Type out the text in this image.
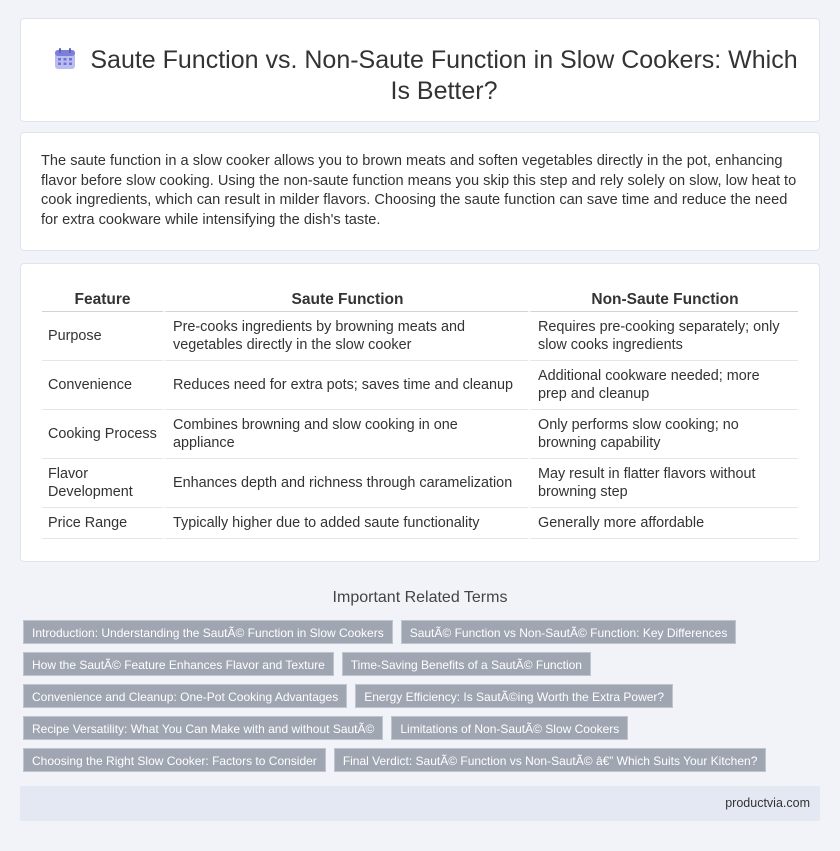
Saute Function vs. Non-Saute Function in Slow Cookers: Which Is Better?

The saute function in a slow cooker allows you to brown meats and soften vegetables directly in the pot, enhancing flavor before slow cooking. Using the non-saute function means you skip this step and rely solely on slow, low heat to cook ingredients, which can result in milder flavors. Choosing the saute function can save time and reduce the need for extra cookware while intensifying the dish's taste.

Feature	Saute Function	Non-Saute Function
Purpose	Pre-cooks ingredients by browning meats and vegetables directly in the slow cooker	Requires pre-cooking separately; only slow cooks ingredients
Convenience	Reduces need for extra pots; saves time and cleanup	Additional cookware needed; more prep and cleanup
Cooking Process	Combines browning and slow cooking in one appliance	Only performs slow cooking; no browning capability
Flavor Development	Enhances depth and richness through caramelization	May result in flatter flavors without browning step
Price Range	Typically higher due to added saute functionality	Generally more affordable
Important Related Terms
Introduction: Understanding the SautÃ© Function in Slow Cookers	SautÃ© Function vs Non-SautÃ© Function: Key Differences
How the SautÃ© Feature Enhances Flavor and Texture	Time-Saving Benefits of a SautÃ© Function
Convenience and Cleanup: One-Pot Cooking Advantages	Energy Efficiency: Is SautÃ©ing Worth the Extra Power?
Recipe Versatility: What You Can Make with and without SautÃ©	Limitations of Non-SautÃ© Slow Cookers
Choosing the Right Slow Cooker: Factors to Consider	Final Verdict: SautÃ© Function vs Non-SautÃ© â€” Which Suits Your Kitchen?
productvia.com
